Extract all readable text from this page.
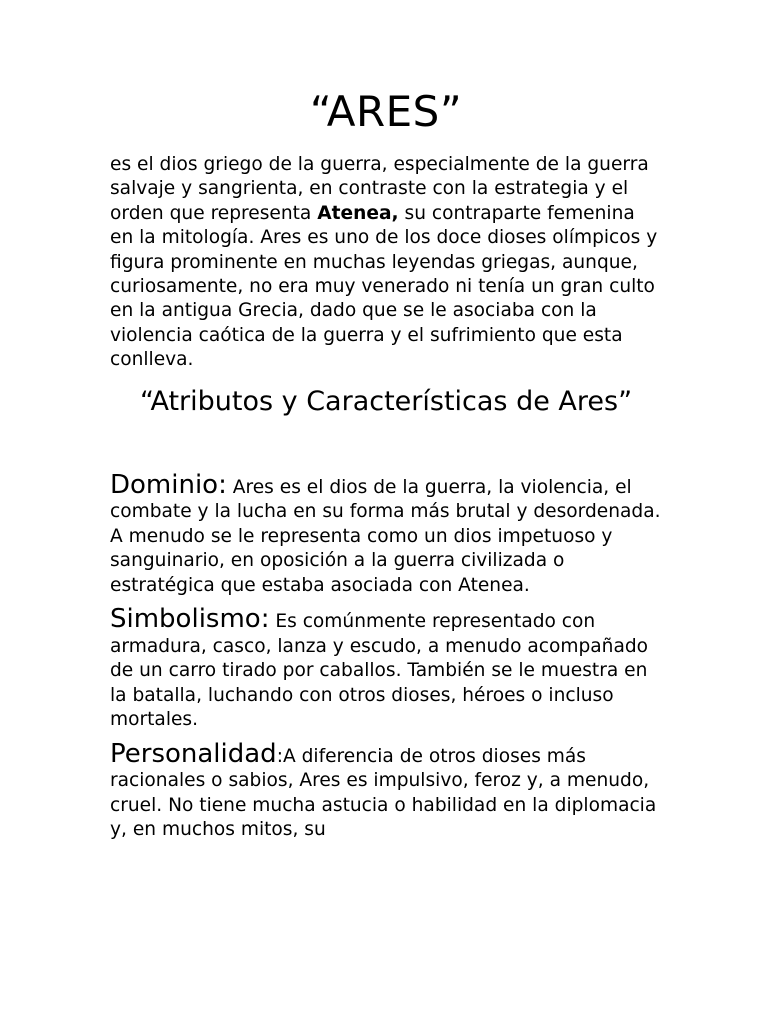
“ARES”

es el dios griego de la guerra, especialmente de la guerra salvaje y sangrienta, en contraste con la estrategia y el orden que representa Atenea, su contraparte femenina en la mitología. Ares es uno de los doce dioses olímpicos y figura prominente en muchas leyendas griegas, aunque, curiosamente, no era muy venerado ni tenía un gran culto en la antigua Grecia, dado que se le asociaba con la violencia caótica de la guerra y el sufrimiento que esta conlleva.

“Atributos y Características de Ares”

Dominio: Ares es el dios de la guerra, la violencia, el combate y la lucha en su forma más brutal y desordenada. A menudo se le representa como un dios impetuoso y sanguinario, en oposición a la guerra civilizada o estratégica que estaba asociada con Atenea.

Simbolismo: Es comúnmente representado con armadura, casco, lanza y escudo, a menudo acompañado de un carro tirado por caballos. También se le muestra en la batalla, luchando con otros dioses, héroes o incluso mortales.

Personalidad:A diferencia de otros dioses más racionales o sabios, Ares es impulsivo, feroz y, a menudo, cruel. No tiene mucha astucia o habilidad en la diplomacia y, en muchos mitos, su
